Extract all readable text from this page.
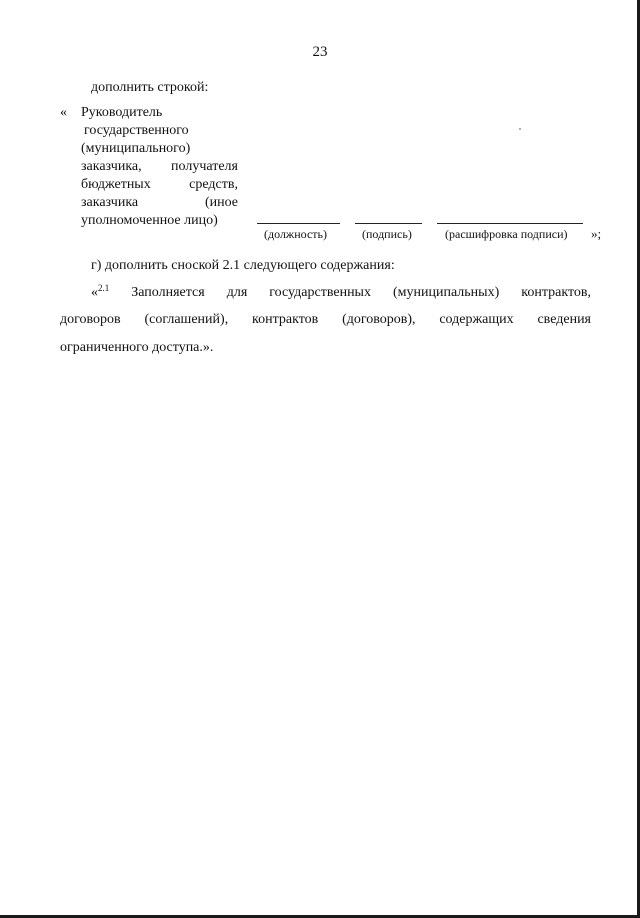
23
дополнить строкой:
« Руководитель
государственного
(муниципального)
заказчика, получателя
бюджетных средств,
заказчика (иное
уполномоченное лицо)
(должность)	(подпись)	(расшифровка подписи) »;
г) дополнить сноской 2.1 следующего содержания:
«$^{2.1}$ Заполняется для государственных (муниципальных) контрактов,
договоров (соглашений), контрактов (договоров), содержащих сведения
ограниченного доступа.».
